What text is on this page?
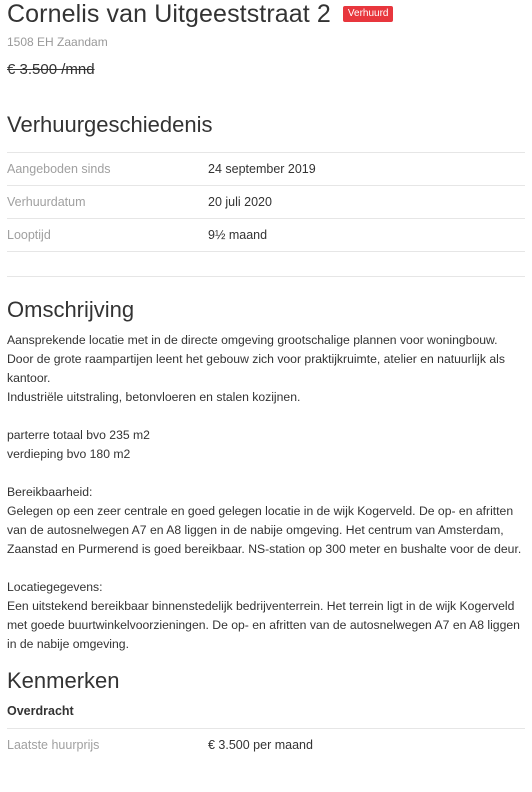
Cornelis van Uitgeeststraat 2	Verhuurd
1508 EH Zaandam
€ 3.500 /mnd
Verhuurgeschiedenis
Aangeboden sinds	24 september 2019
Verhuurdatum	20 juli 2020
Looptijd	9½ maand
Omschrijving

Aansprekende locatie met in de directe omgeving grootschalige plannen voor woningbouw. Door de grote raampartijen leent het gebouw zich voor praktijkruimte, atelier en natuurlijk als kantoor.
Industriële uitstraling, betonvloeren en stalen kozijnen.

parterre totaal bvo 235 m2
verdieping bvo 180 m2

Bereikbaarheid:
Gelegen op een zeer centrale en goed gelegen locatie in de wijk Kogerveld. De op- en afritten van de autosnelwegen A7 en A8 liggen in de nabije omgeving. Het centrum van Amsterdam, Zaanstad en Purmerend is goed bereikbaar. NS-station op 300 meter en bushalte voor de deur.

Locatiegegevens:
Een uitstekend bereikbaar binnenstedelijk bedrijventerrein. Het terrein ligt in de wijk Kogerveld met goede buurtwinkelvoorzieningen. De op- en afritten van de autosnelwegen A7 en A8 liggen in de nabije omgeving.

Kenmerken
Overdracht
Laatste huurprijs	€ 3.500 per maand
